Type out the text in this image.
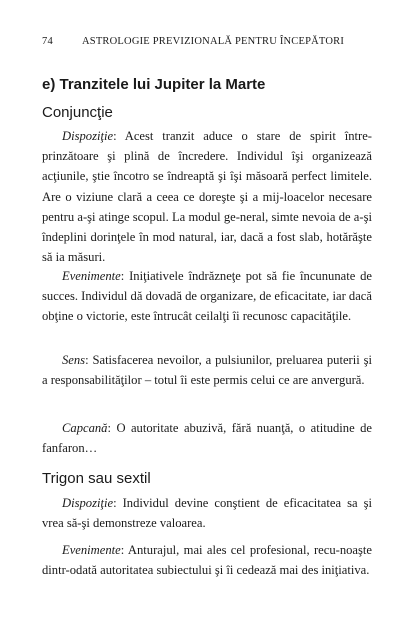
74	ASTROLOGIE PREVIZIONALĂ PENTRU ÎNCEPĂTORI
e) Tranzitele lui Jupiter la Marte
Conjuncţie
Dispoziţie: Acest tranzit aduce o stare de spirit între-prinzătoare şi plină de încredere. Individul îşi organizează acţiunile, ştie încotro se îndreaptă şi îşi măsoară perfect limitele. Are o viziune clară a ceea ce doreşte şi a mij-loacelor necesare pentru a-şi atinge scopul. La modul ge-neral, simte nevoia de a-şi îndeplini dorinţele în mod natural, iar, dacă a fost slab, hotărăşte să ia măsuri.
Evenimente: Iniţiativele îndrăzneţe pot să fie încununate de succes. Individul dă dovadă de organizare, de eficacitate, iar dacă obţine o victorie, este întrucât ceilalţi îi recunosc capacităţile.
Sens: Satisfacerea nevoilor, a pulsiunilor, preluarea puterii şi a responsabilităţilor – totul îi este permis celui ce are anvergură.
Capcană: O autoritate abuzivă, fără nuanţă, o atitudine de fanfaron…
Trigon sau sextil
Dispoziţie: Individul devine conştient de eficacitatea sa şi vrea să-şi demonstreze valoarea.
Evenimente: Anturajul, mai ales cel profesional, recu-noaşte dintr-odată autoritatea subiectului şi îi cedează mai des iniţiativa.
